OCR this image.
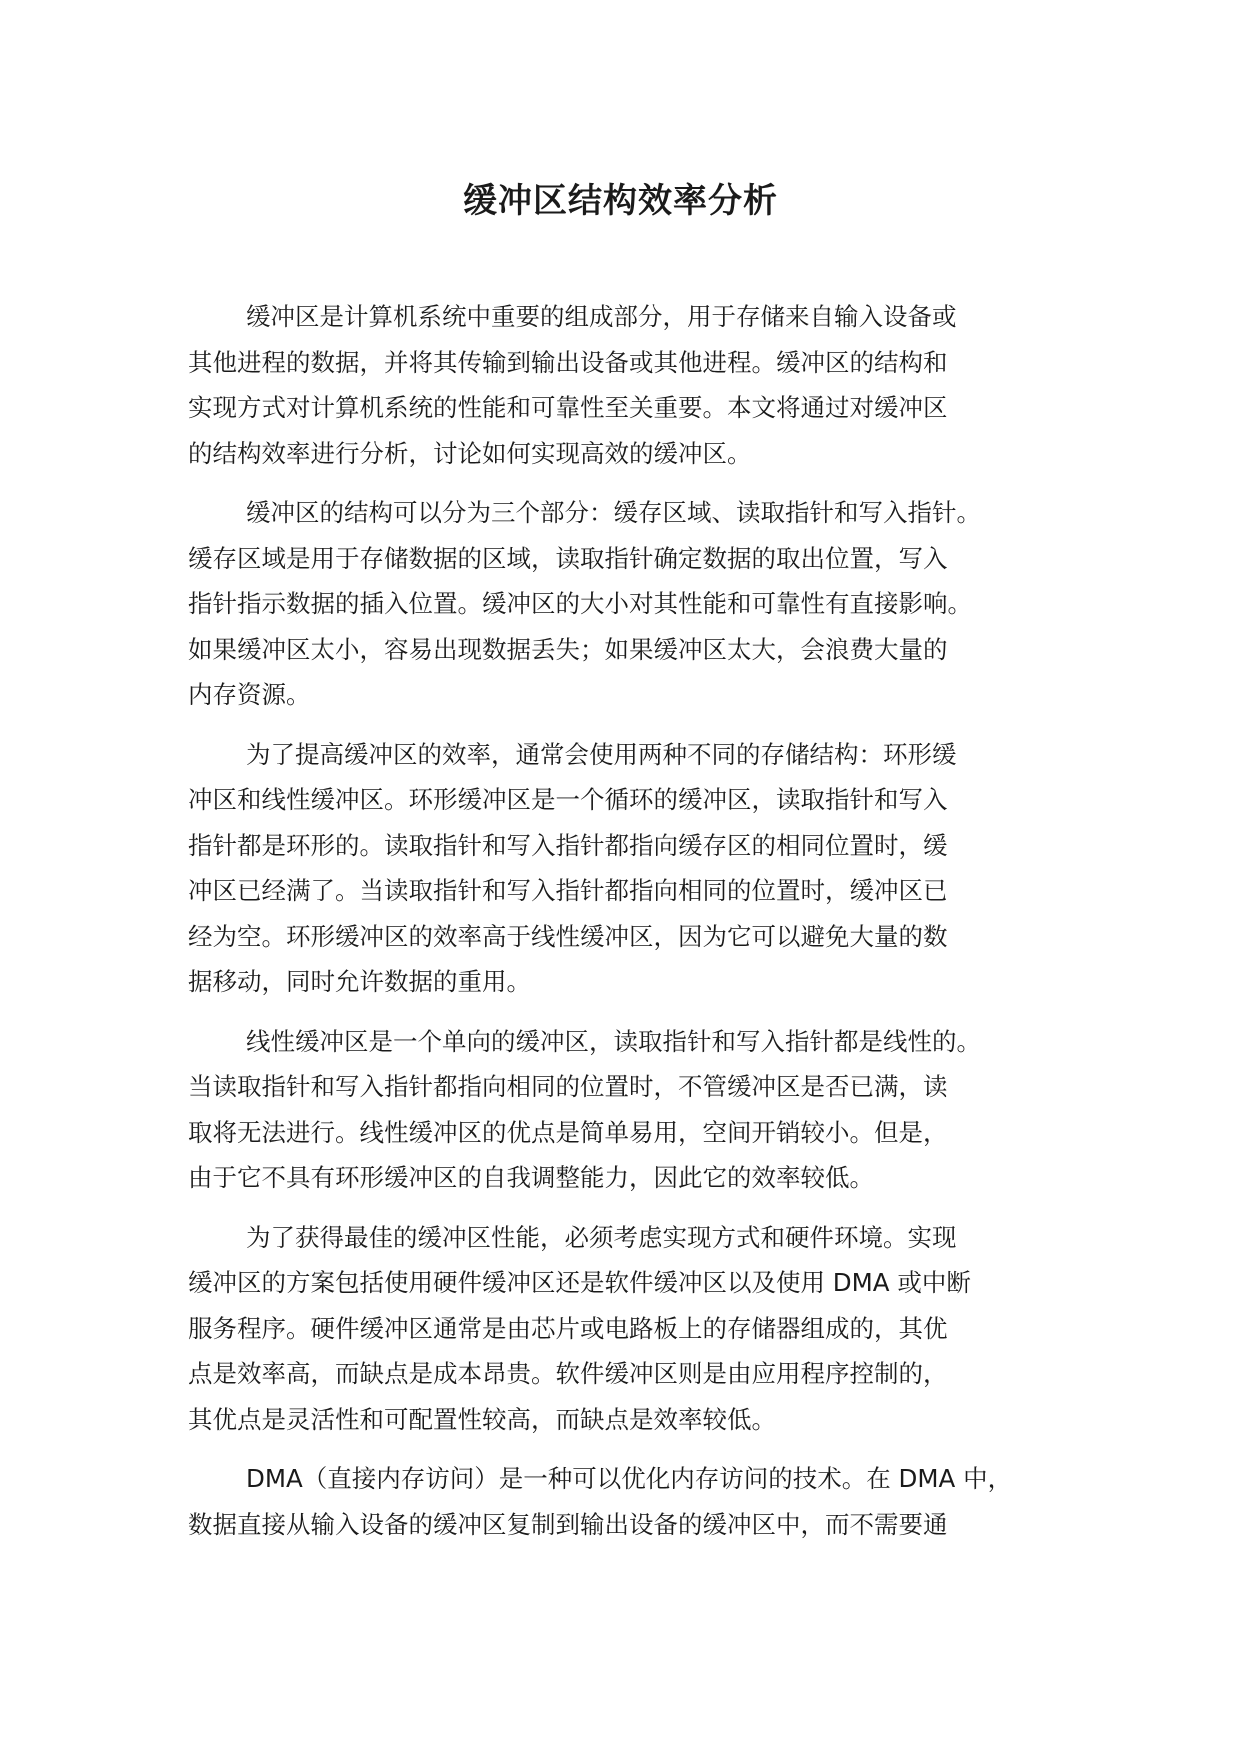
缓冲区结构效率分析

缓冲区是计算机系统中重要的组成部分，用于存储来自输入设备或
其他进程的数据，并将其传输到输出设备或其他进程。缓冲区的结构和
实现方式对计算机系统的性能和可靠性至关重要。本文将通过对缓冲区
的结构效率进行分析，讨论如何实现高效的缓冲区。

缓冲区的结构可以分为三个部分：缓存区域、读取指针和写入指针。
缓存区域是用于存储数据的区域，读取指针确定数据的取出位置，写入
指针指示数据的插入位置。缓冲区的大小对其性能和可靠性有直接影响。
如果缓冲区太小，容易出现数据丢失；如果缓冲区太大，会浪费大量的
内存资源。

为了提高缓冲区的效率，通常会使用两种不同的存储结构：环形缓
冲区和线性缓冲区。环形缓冲区是一个循环的缓冲区，读取指针和写入
指针都是环形的。读取指针和写入指针都指向缓存区的相同位置时，缓
冲区已经满了。当读取指针和写入指针都指向相同的位置时，缓冲区已
经为空。环形缓冲区的效率高于线性缓冲区，因为它可以避免大量的数
据移动，同时允许数据的重用。

线性缓冲区是一个单向的缓冲区，读取指针和写入指针都是线性的。
当读取指针和写入指针都指向相同的位置时，不管缓冲区是否已满，读
取将无法进行。线性缓冲区的优点是简单易用，空间开销较小。但是，
由于它不具有环形缓冲区的自我调整能力，因此它的效率较低。

为了获得最佳的缓冲区性能，必须考虑实现方式和硬件环境。实现
缓冲区的方案包括使用硬件缓冲区还是软件缓冲区以及使用 DMA 或中断
服务程序。硬件缓冲区通常是由芯片或电路板上的存储器组成的，其优
点是效率高，而缺点是成本昂贵。软件缓冲区则是由应用程序控制的，
其优点是灵活性和可配置性较高，而缺点是效率较低。

DMA（直接内存访问）是一种可以优化内存访问的技术。在 DMA 中，
数据直接从输入设备的缓冲区复制到输出设备的缓冲区中，而不需要通
